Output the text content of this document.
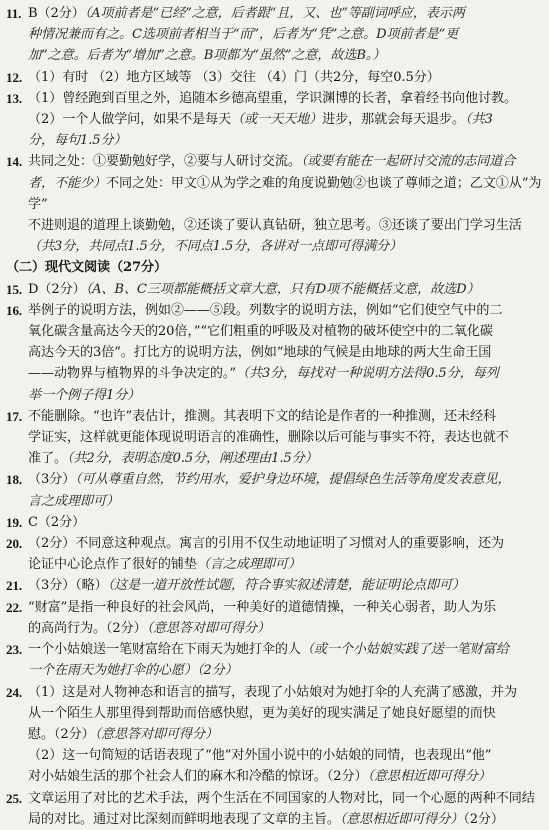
11. B（2分）（A项前者是“已经”之意，后者跟“且，又、也”等副词呼应，表示两
种情况兼而有之。C选项前者相当于“而”，后者为“凭”之意。D项前者是“更
加”之意。后者为“增加”之意。B项都为“虽然”之意，故选B。）
12. （1）有时 （2）地方区域等 （3）交往 （4）门（共2分，每空0.5分）
13. （1）曾经跑到百里之外，追随本乡德高望重，学识渊博的长者，拿着经书向他讨教。
（2）一个人做学问，如果不是每天（或一天天地）进步，那就会每天退步。（共3
分，每句1.5分）
14. 共同之处：①要勤勉好学，②要与人研讨交流。（或要有能在一起研讨交流的志同道合
者，不能少）不同之处：甲文①从为学之难的角度说勤勉②也谈了尊师之道；乙文①从“为学”
不进则退的道理上谈勤勉，②还谈了要认真钻研，独立思考。③还谈了要出门学习生活
（共3分，共同点1.5分，不同点1.5分，各讲对一点即可得满分）
（二）现代文阅读（27分）
15. D（2分）（A、B、C三项都能概括文章大意，只有D项不能概括文意，故选D）
16. 举例子的说明方法，例如②——⑤段。列数字的说明方法，例如“它们使空气中的二
氧化碳含量高达今天的20倍，”“它们粗重的呼吸及对植物的破坏使空中的二氧化碳
高达今天的3倍”。打比方的说明方法，例如“地球的气候是由地球的两大生命王国
——动物界与植物界的斗争决定的。”（共3分，每找对一种说明方法得0.5分，每列
举一个例子得1分）
17. 不能删除。“也许”表估计，推测。其表明下文的结论是作者的一种推测，还未经科
学证实，这样就更能体现说明语言的准确性，删除以后可能与事实不符，表达也就不
准了。（共2分，表明态度0.5分，阐述理由1.5分）
18. （3分）（可从尊重自然，节约用水，爱护身边环境，提倡绿色生活等角度发表意见，
言之成理即可）
19. C（2分）
20. （2分）不同意这种观点。寓言的引用不仅生动地证明了习惯对人的重要影响，还为
论证中心论点作了很好的铺垫（言之成理即可）
21. （3分）（略）（这是一道开放性试题，符合事实叙述清楚，能证明论点即可）
22. “财富”是指一种良好的社会风尚，一种美好的道德情操，一种关心弱者，助人为乐
的高尚行为。（2分）（意思答对即可得分）
23. 一个小姑娘送一笔财富给在下雨天为她打伞的人（或一个小姑娘实践了送一笔财富给
一个在雨天为她打伞的心愿）（2分）
24. （1）这是对人物神态和语言的描写，表现了小姑娘对为她打伞的人充满了感激，并为
从一个陌生人那里得到帮助而倍感快慰，更为美好的现实满足了她良好愿望的而快
慰。（2分）（意思答对即可得分）
（2）这一句简短的话语表现了“他”对外国小说中的小姑娘的同情，也表现出“他”
对小姑娘生活的那个社会人们的麻木和冷酷的惊讶。（2分）（意思相近即可得分）
25. 文章运用了对比的艺术手法，两个生活在不同国家的人物对比，同一个心愿的两种不同结
局的对比。通过对比深刻而鲜明地表现了文章的主旨。（意思相近即可得分）（2分）
